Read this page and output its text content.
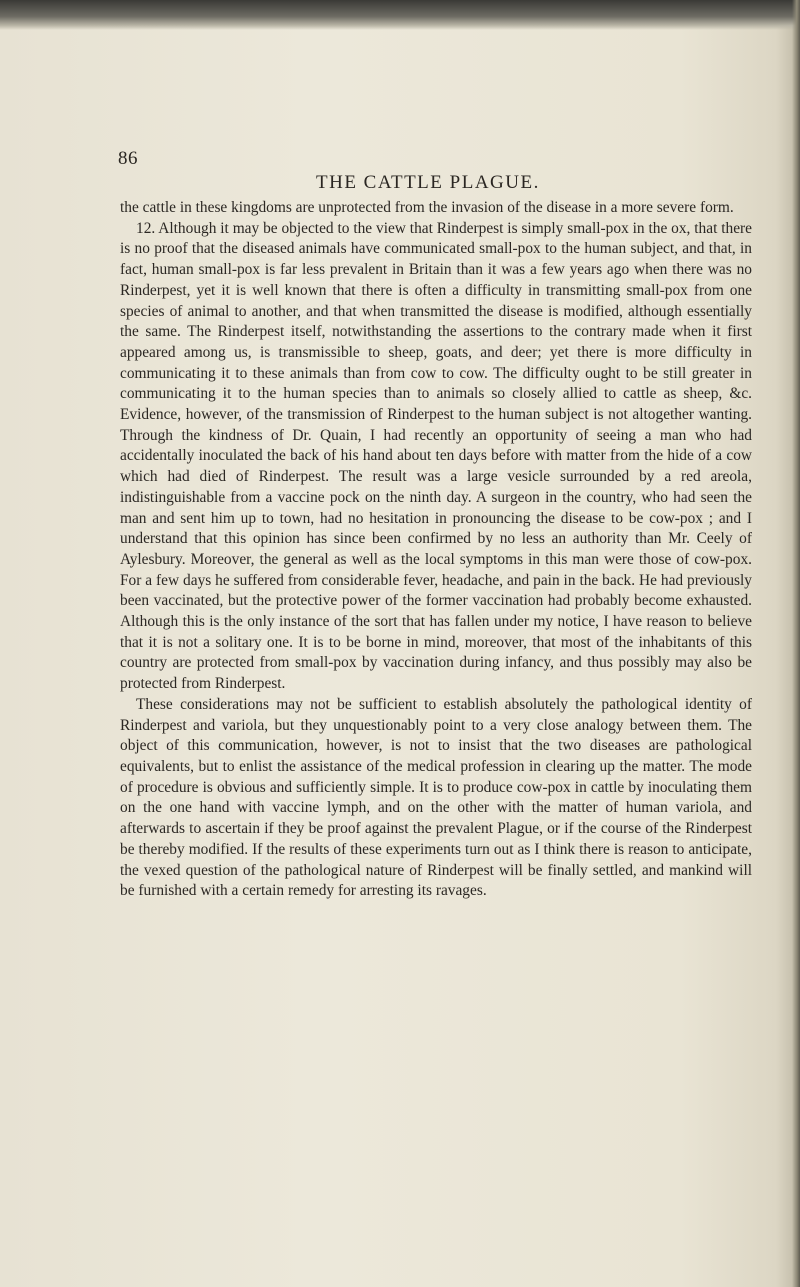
86
THE CATTLE PLAGUE.

the cattle in these kingdoms are unprotected from the invasion of the disease in a more severe form.

12. Although it may be objected to the view that Rinderpest is simply small-pox in the ox, that there is no proof that the diseased animals have communicated small-pox to the human subject, and that, in fact, human small-pox is far less prevalent in Britain than it was a few years ago when there was no Rinderpest, yet it is well known that there is often a difficulty in transmitting small-pox from one species of animal to another, and that when transmitted the disease is modified, although essentially the same. The Rinderpest itself, notwithstanding the assertions to the contrary made when it first appeared among us, is transmissible to sheep, goats, and deer; yet there is more difficulty in communicating it to these animals than from cow to cow. The difficulty ought to be still greater in communicating it to the human species than to animals so closely allied to cattle as sheep, &c. Evidence, however, of the transmission of Rinderpest to the human subject is not altogether wanting. Through the kindness of Dr. Quain, I had recently an opportunity of seeing a man who had accidentally inoculated the back of his hand about ten days before with matter from the hide of a cow which had died of Rinderpest. The result was a large vesicle surrounded by a red areola, indistinguishable from a vaccine pock on the ninth day. A surgeon in the country, who had seen the man and sent him up to town, had no hesitation in pronouncing the disease to be cow-pox ; and I understand that this opinion has since been confirmed by no less an authority than Mr. Ceely of Aylesbury. Moreover, the general as well as the local symptoms in this man were those of cow-pox. For a few days he suffered from considerable fever, headache, and pain in the back. He had previously been vaccinated, but the protective power of the former vaccination had probably become exhausted. Although this is the only instance of the sort that has fallen under my notice, I have reason to believe that it is not a solitary one. It is to be borne in mind, moreover, that most of the inhabitants of this country are protected from small-pox by vaccination during infancy, and thus possibly may also be protected from Rinderpest.

These considerations may not be sufficient to establish absolutely the pathological identity of Rinderpest and variola, but they unquestionably point to a very close analogy between them. The object of this communication, however, is not to insist that the two diseases are pathological equivalents, but to enlist the assistance of the medical profession in clearing up the matter. The mode of procedure is obvious and sufficiently simple. It is to produce cow-pox in cattle by inoculating them on the one hand with vaccine lymph, and on the other with the matter of human variola, and afterwards to ascertain if they be proof against the prevalent Plague, or if the course of the Rinderpest be thereby modified. If the results of these experiments turn out as I think there is reason to anticipate, the vexed question of the pathological nature of Rinderpest will be finally settled, and mankind will be furnished with a certain remedy for arresting its ravages.
